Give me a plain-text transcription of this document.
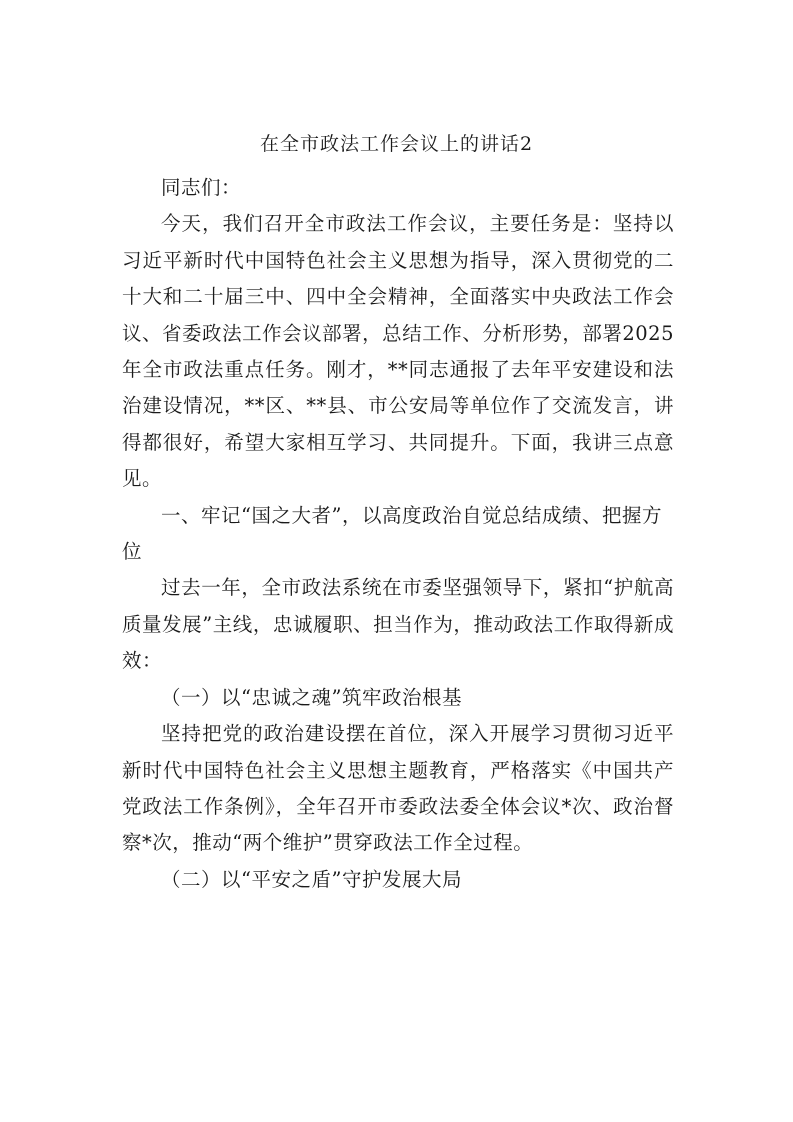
在全市政法工作会议上的讲话2

同志们：

今天，我们召开全市政法工作会议，主要任务是：坚持以习近平新时代中国特色社会主义思想为指导，深入贯彻党的二十大和二十届三中、四中全会精神，全面落实中央政法工作会议、省委政法工作会议部署，总结工作、分析形势，部署2025年全市政法重点任务。刚才，**同志通报了去年平安建设和法治建设情况，**区、**县、市公安局等单位作了交流发言，讲得都很好，希望大家相互学习、共同提升。下面，我讲三点意见。

一、牢记“国之大者”，以高度政治自觉总结成绩、把握方位

过去一年，全市政法系统在市委坚强领导下，紧扣“护航高质量发展”主线，忠诚履职、担当作为，推动政法工作取得新成效：

（一）以“忠诚之魂”筑牢政治根基

坚持把党的政治建设摆在首位，深入开展学习贯彻习近平新时代中国特色社会主义思想主题教育，严格落实《中国共产党政法工作条例》，全年召开市委政法委全体会议*次、政治督察*次，推动“两个维护”贯穿政法工作全过程。

（二）以“平安之盾”守护发展大局
